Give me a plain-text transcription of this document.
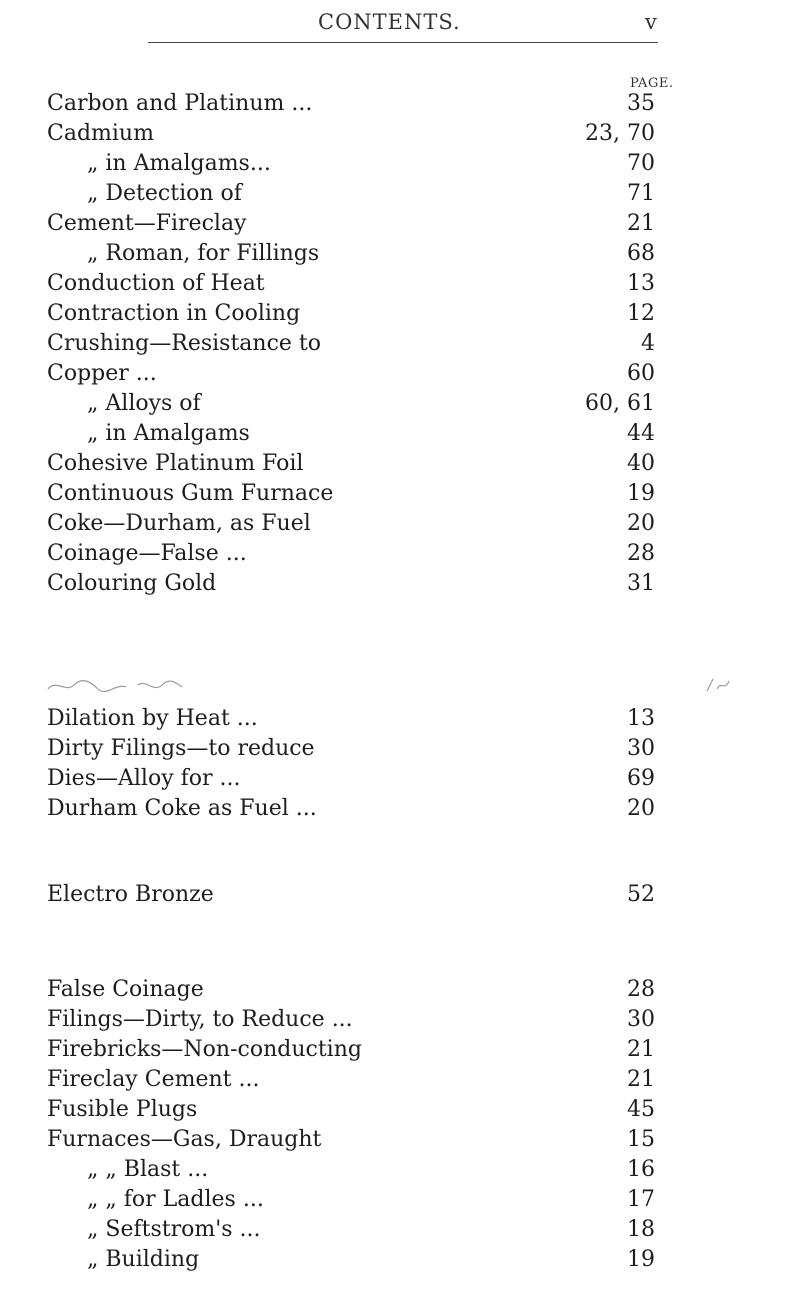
CONTENTS.	v
PAGE.
Carbon and Platinum ...	35
Cadmium	23, 70
„ in Amalgams...	70
„ Detection of	71
Cement—Fireclay	21
„ Roman, for Fillings	68
Conduction of Heat	13
Contraction in Cooling	12
Crushing—Resistance to	4
Copper ...	60
„ Alloys of	60, 61
„ in Amalgams	44
Cohesive Platinum Foil	40
Continuous Gum Furnace	19
Coke—Durham, as Fuel	20
Coinage—False ...	28
Colouring Gold	31
Dilation by Heat ...	13
Dirty Filings—to reduce	30
Dies—Alloy for ...	69
Durham Coke as Fuel ...	20
Electro Bronze	52
False Coinage	28
Filings—Dirty, to Reduce ...	30
Firebricks—Non-conducting	21
Fireclay Cement ...	21
Fusible Plugs	45
Furnaces—Gas, Draught	15
„ „ Blast ...	16
„ „ for Ladles ...	17
„ Seftstrom's ...	18
„ Building	19
